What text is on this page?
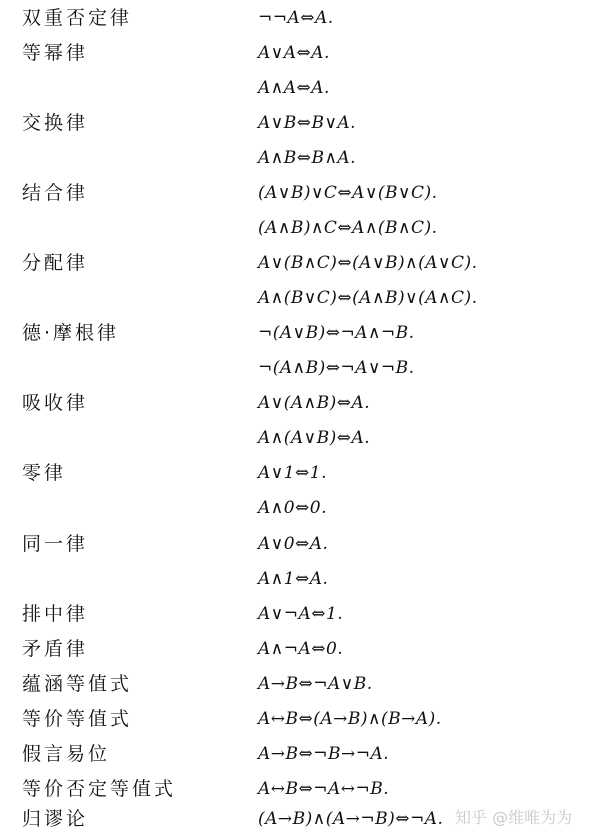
双重否定律	¬¬A⇔A.
等幂律	A∨A⇔A.
A∧A⇔A.
交换律	A∨B⇔B∨A.
A∧B⇔B∧A.
结合律	(A∨B)∨C⇔A∨(B∨C).
(A∧B)∧C⇔A∧(B∧C).
分配律	A∨(B∧C)⇔(A∨B)∧(A∨C).
A∧(B∨C)⇔(A∧B)∨(A∧C).
德·摩根律	¬(A∨B)⇔¬A∧¬B.
¬(A∧B)⇔¬A∨¬B.
吸收律	A∨(A∧B)⇔A.
A∧(A∨B)⇔A.
零律	A∨1⇔1.
A∧0⇔0.
同一律	A∨0⇔A.
A∧1⇔A.
排中律	A∨¬A⇔1.
矛盾律	A∧¬A⇔0.
蕴涵等值式	A→B⇔¬A∨B.
等价等值式	A↔B⇔(A→B)∧(B→A).
假言易位	A→B⇔¬B→¬A.
等价否定等值式	A↔B⇔¬A↔¬B.
归谬论	(A→B)∧(A→¬B)⇔¬A. 知乎 @维唯为为
